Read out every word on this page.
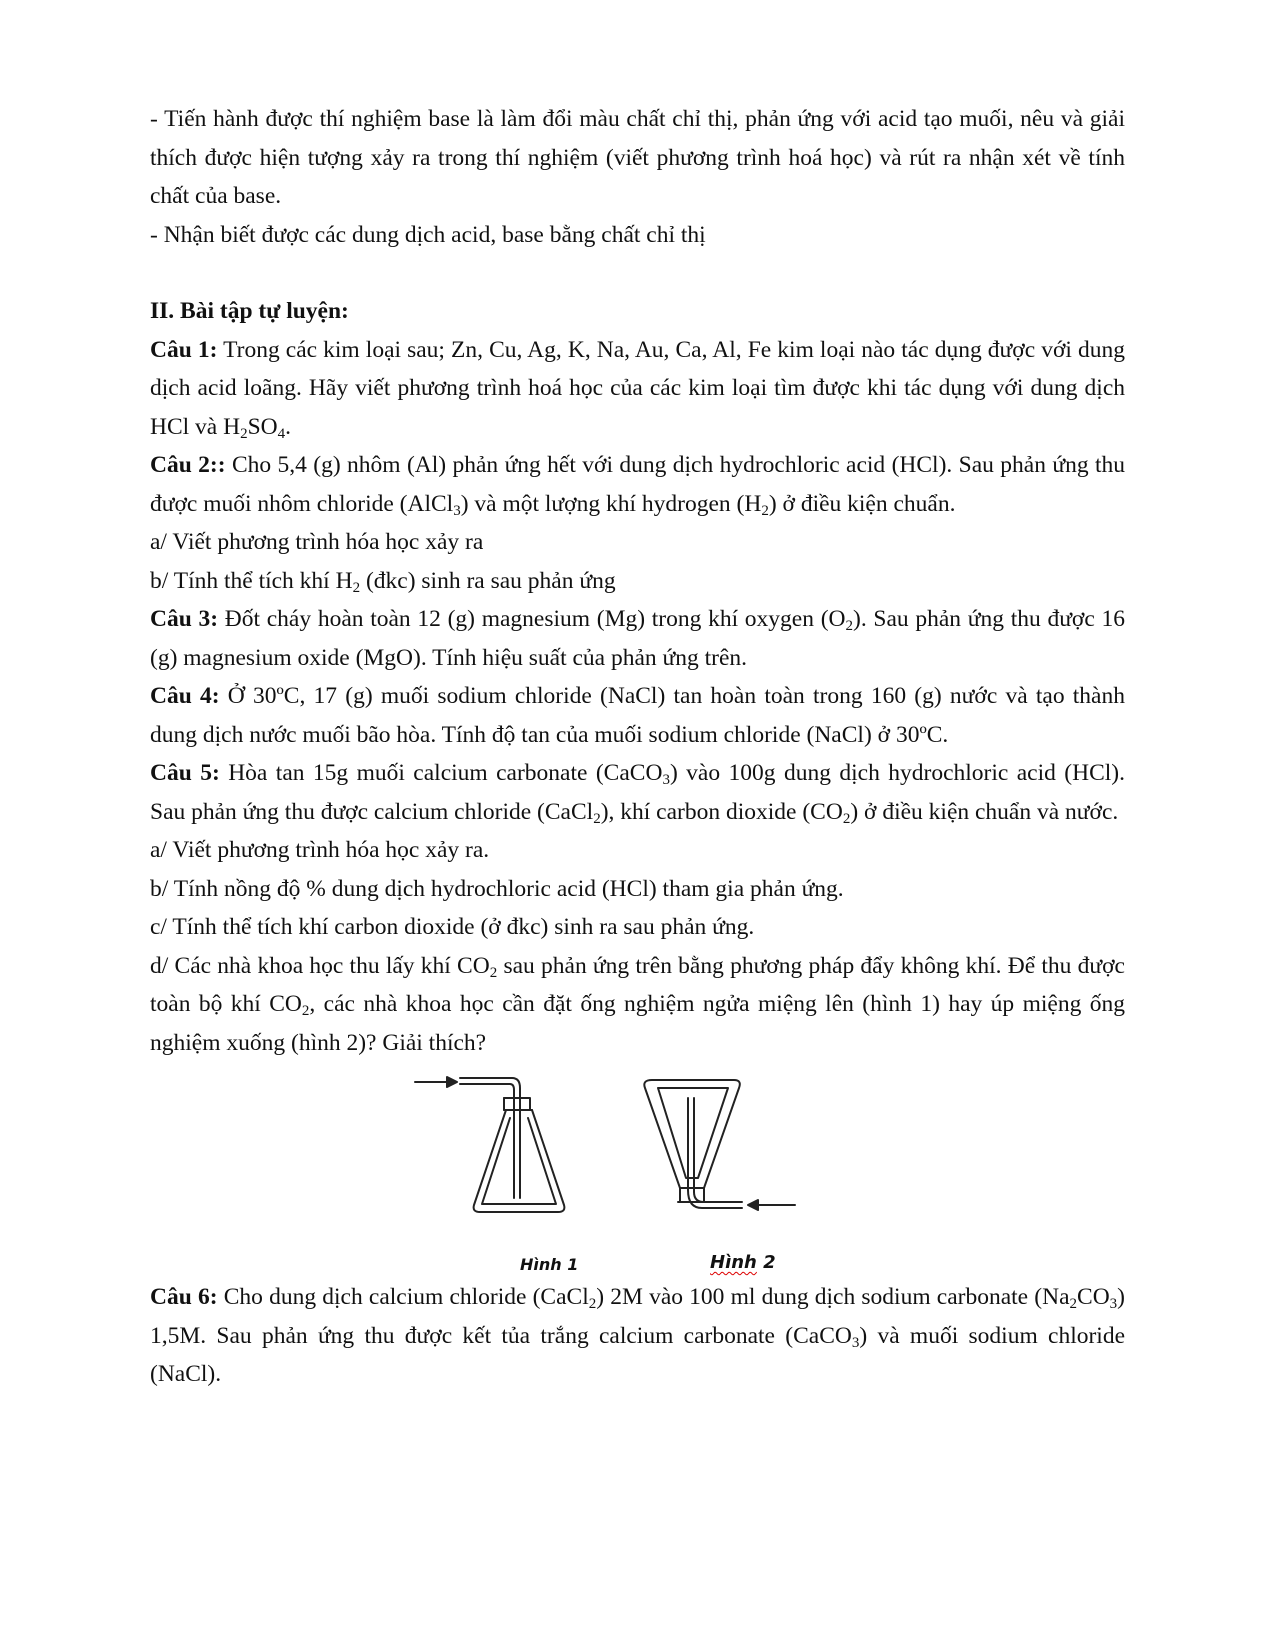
- Tiến hành được thí nghiệm base là làm đổi màu chất chỉ thị, phản ứng với acid tạo muối, nêu và giải thích được hiện tượng xảy ra trong thí nghiệm (viết phương trình hoá học) và rút ra nhận xét về tính chất của base.

- Nhận biết được các dung dịch acid, base bằng chất chỉ thị

II. Bài tập tự luyện:

Câu 1: Trong các kim loại sau; Zn, Cu, Ag, K, Na, Au, Ca, Al, Fe kim loại nào tác dụng được với dung dịch acid loãng. Hãy viết phương trình hoá học của các kim loại tìm được khi tác dụng với dung dịch HCl và $H_2SO_4$.

Câu 2:: Cho 5,4 (g) nhôm (Al) phản ứng hết với dung dịch hydrochloric acid (HCl). Sau phản ứng thu được muối nhôm chloride (AlCl$_3$) và một lượng khí hydrogen $(H_2)$ ở điều kiện chuẩn.

a/ Viết phương trình hóa học xảy ra

b/ Tính thể tích khí $H_2$ (đkc) sinh ra sau phản ứng

Câu 3: Đốt cháy hoàn toàn 12 (g) magnesium (Mg) trong khí oxygen $(O_2)$. Sau phản ứng thu được 16 (g) magnesium oxide (MgO). Tính hiệu suất của phản ứng trên.

Câu 4: Ở 30ºC, 17 (g) muối sodium chloride (NaCl) tan hoàn toàn trong 160 (g) nước và tạo thành dung dịch nước muối bão hòa. Tính độ tan của muối sodium chloride (NaCl) ở 30ºC.

Câu 5: Hòa tan 15g muối calcium carbonate (CaCO$_3$) vào 100g dung dịch hydrochloric acid (HCl). Sau phản ứng thu được calcium chloride (CaCl$_2$), khí carbon dioxide $(CO_2)$ ở điều kiện chuẩn và nước.

a/ Viết phương trình hóa học xảy ra.

b/ Tính nồng độ % dung dịch hydrochloric acid (HCl) tham gia phản ứng.

c/ Tính thể tích khí carbon dioxide (ở đkc) sinh ra sau phản ứng.

d/ Các nhà khoa học thu lấy khí $CO_2$ sau phản ứng trên bằng phương pháp đẩy không khí. Để thu được toàn bộ khí $CO_2$, các nhà khoa học cần đặt ống nghiệm ngửa miệng lên (hình 1) hay úp miệng ống nghiệm xuống (hình 2)? Giải thích?

Hình 1	Hình 2

Câu 6: Cho dung dịch calcium chloride (CaCl$_2$) 2M vào 100 ml dung dịch sodium carbonate $(Na_2CO_3)$ 1,5M. Sau phản ứng thu được kết tủa trắng calcium carbonate (CaCO$_3$) và muối sodium chloride (NaCl).
